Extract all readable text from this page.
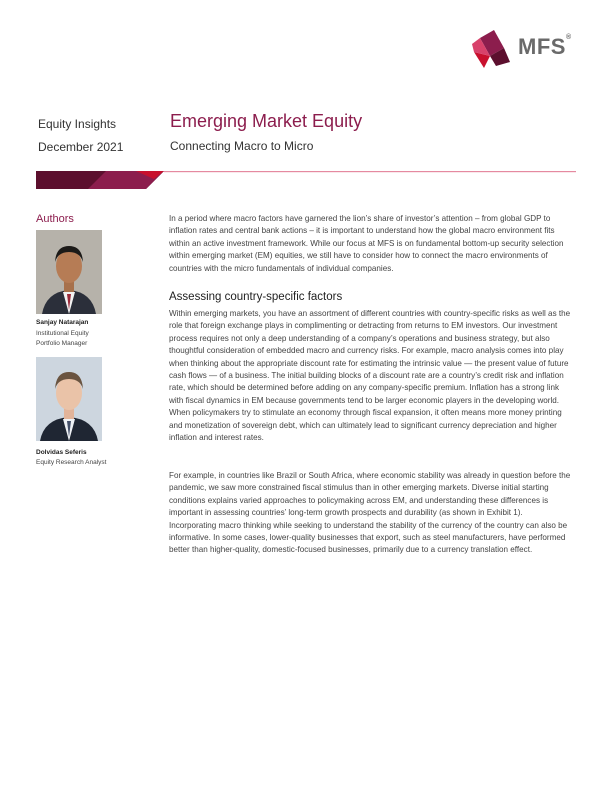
MFS®
Equity Insights
December 2021
Emerging Market Equity
Connecting Macro to Micro
Authors
Sanjay Natarajan
Institutional Equity
Portfolio Manager
Dolvidas Seferis
Equity Research Analyst

In a period where macro factors have garnered the lion’s share of investor’s attention – from global GDP to inflation rates and central bank actions – it is important to understand how the global macro environment fits within an active investment framework. While our focus at MFS is on fundamental bottom-up security selection within emerging market (EM) equities, we still have to consider how to connect the macro environments of countries with the micro fundamentals of individual companies.

Assessing country-specific factors

Within emerging markets, you have an assortment of different countries with country-specific risks as well as the role that foreign exchange plays in complimenting or detracting from returns to EM investors. Our investment process requires not only a deep understanding of a company’s operations and business strategy, but also thoughtful consideration of embedded macro and currency risks. For example, macro analysis comes into play when thinking about the appropriate discount rate for estimating the intrinsic value — the present value of future cash flows — of a business. The initial building blocks of a discount rate are a country’s credit risk and inflation rate, which should be determined before adding on any company-specific premium. Inflation has a strong link with fiscal dynamics in EM because governments tend to be larger economic players in the developing world. When policymakers try to stimulate an economy through fiscal expansion, it often means more money printing and monetization of sovereign debt, which can ultimately lead to significant currency depreciation and higher inflation and interest rates.

For example, in countries like Brazil or South Africa, where economic stability was already in question before the pandemic, we saw more constrained fiscal stimulus than in other emerging markets. Diverse initial starting conditions explains varied approaches to policymaking across EM, and understanding these differences is important in assessing countries’ long-term growth prospects and durability (as shown in Exhibit 1). Incorporating macro thinking while seeking to understand the stability of the currency of the country can also be informative. In some cases, lower-quality businesses that export, such as steel manufacturers, have performed better than higher-quality, domestic-focused businesses, primarily due to a currency translation effect.
